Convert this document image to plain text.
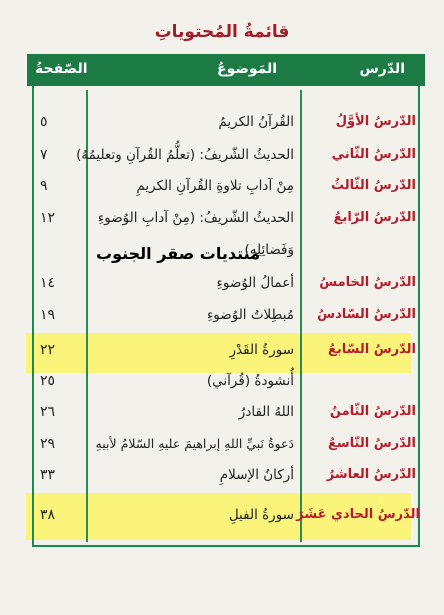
قائمةُ المُحتوياتِ
الدّرس
المَوضوعُ
الصّفحةُ
الدّرسُ الأوَّلُ
القُرآنُ الكريمُ
٥
الدّرسُ الثّاني
الحديثُ الشّريفُ: (تعلُّمُ القُرآنِ وتعليمُهُ)
٧
الدّرسُ الثّالثُ
مِنْ آدابِ تلاوةِ القُرآنِ الكريمِ
٩
الدّرسُ الرّابعُ
الحديثُ الشّريفُ: (مِنْ آدابِ الوُضوءِ
١٢
وَفَضائِلِهِ)
الدّرسُ الخامسُ
أعمالُ الوُضوءِ
١٤
الدّرسُ السّادسُ
مُبطِلاتُ الوُضوءِ
١٩
الدّرسُ السّابعُ
سورةُ القَدْرِ
٢٢
أُنشودةُ (قُرآني)
٢٥
الدّرسُ الثّامنُ
اللهُ القادرُ
٢٦
الدّرسُ التّاسعُ
دَعوةُ نَبيِّ اللهِ إبراهيمَ عليهِ السّلامُ لأبيهِ
٢٩
الدّرسُ العاشرُ
أركانُ الإسلامِ
٣٣
الدّرسُ الحادي عَشَرَ
سورةُ الفيلِ
٣٨
منتديات صقر الجنوب
